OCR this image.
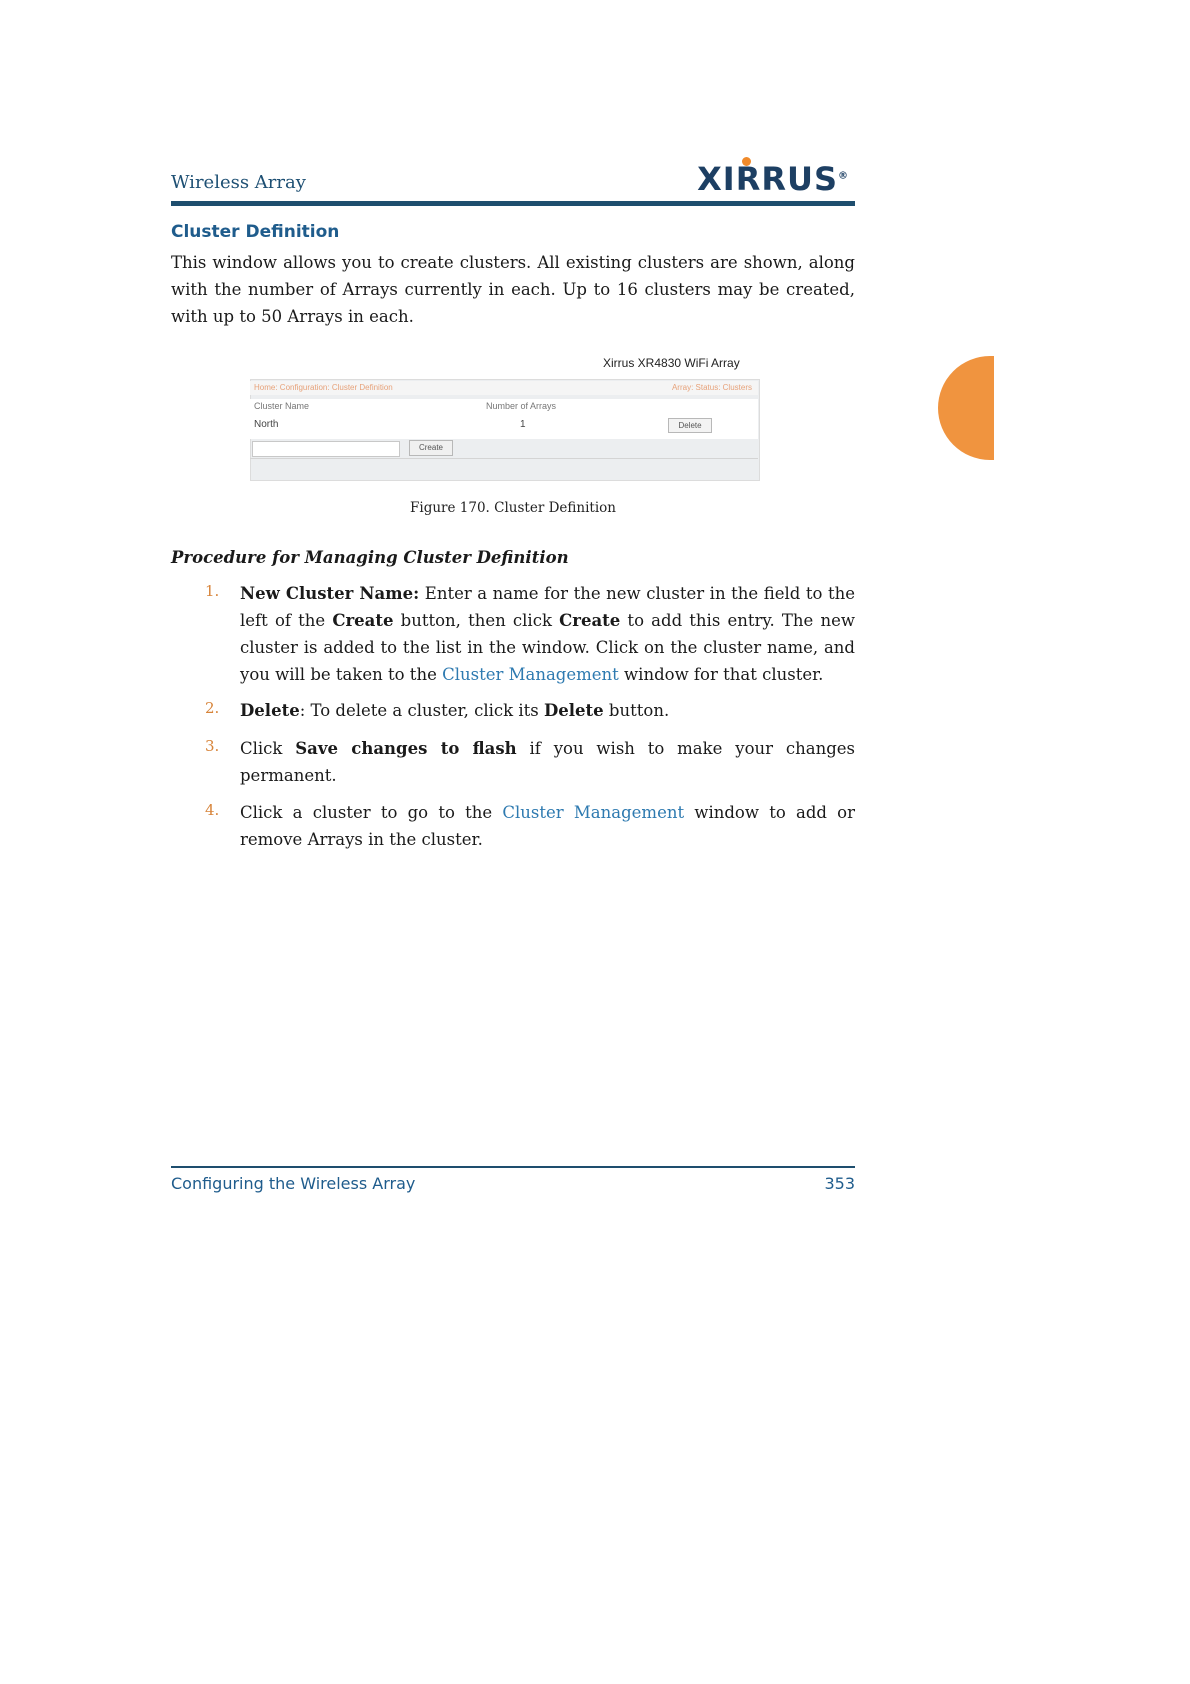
Wireless Array	XIRRUS®
Cluster Definition
This window allows you to create clusters. All existing clusters are shown, along with the number of Arrays currently in each. Up to 16 clusters may be created, with up to 50 Arrays in each.
Xirrus XR4830 WiFi Array
Home: Configuration: Cluster Definition	Array: Status: Clusters
Cluster Name	Number of Arrays
North	1	Delete
Create
Figure 170. Cluster Definition
Procedure for Managing Cluster Definition
1. New Cluster Name: Enter a name for the new cluster in the field to the left of the Create button, then click Create to add this entry. The new cluster is added to the list in the window. Click on the cluster name, and you will be taken to the Cluster Management window for that cluster.
2. Delete: To delete a cluster, click its Delete button.
3. Click Save changes to flash if you wish to make your changes permanent.
4. Click a cluster to go to the Cluster Management window to add or remove Arrays in the cluster.
Configuring the Wireless Array	353
